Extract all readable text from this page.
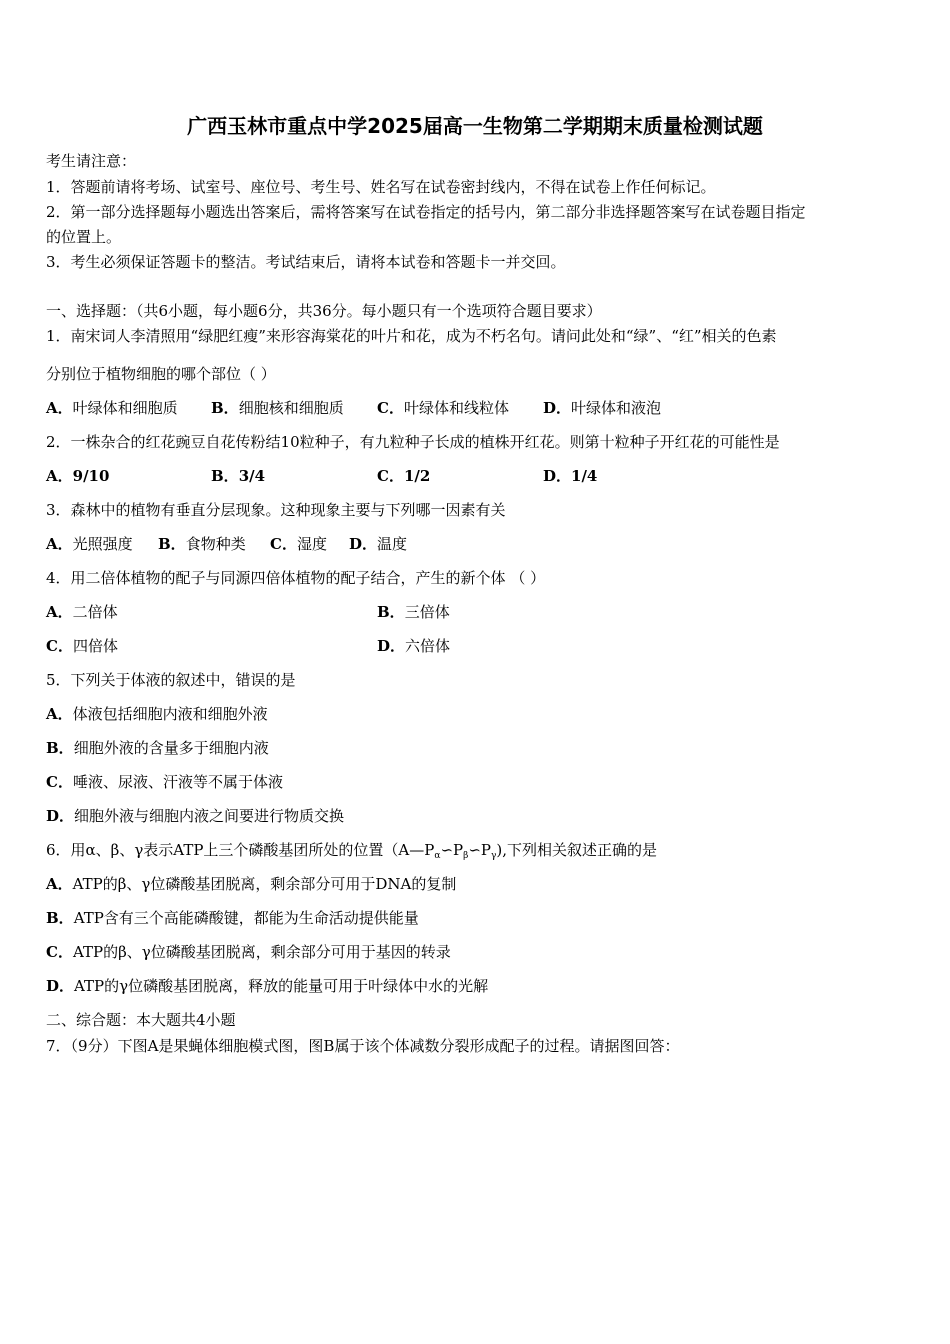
广西玉林市重点中学2025届高一生物第二学期期末质量检测试题
考生请注意：
1．答题前请将考场、试室号、座位号、考生号、姓名写在试卷密封线内，不得在试卷上作任何标记。
2．第一部分选择题每小题选出答案后，需将答案写在试卷指定的括号内，第二部分非选择题答案写在试卷题目指定
的位置上。
3．考生必须保证答题卡的整洁。考试结束后，请将本试卷和答题卡一并交回。
一、选择题：（共6小题，每小题6分，共36分。每小题只有一个选项符合题目要求）
1．南宋词人李清照用“绿肥红瘦”来形容海棠花的叶片和花，成为不朽名句。请问此处和“绿”、“红”相关的色素
分别位于植物细胞的哪个部位（ ）
A．叶绿体和细胞质 B．细胞核和细胞质 C．叶绿体和线粒体 D．叶绿体和液泡
2．一株杂合的红花豌豆自花传粉结10粒种子，有九粒种子长成的植株开红花。则第十粒种子开红花的可能性是
A．9/10	B．3/4	C．1/2	D．1/4
3．森林中的植物有垂直分层现象。这种现象主要与下列哪一因素有关
A．光照强度 B．食物种类 C．湿度 D．温度
4．用二倍体植物的配子与同源四倍体植物的配子结合，产生的新个体 （ ）
A．二倍体	B．三倍体
C．四倍体	D．六倍体
5．下列关于体液的叙述中，错误的是
A．体液包括细胞内液和细胞外液
B．细胞外液的含量多于细胞内液
C．唾液、尿液、汗液等不属于体液
D．细胞外液与细胞内液之间要进行物质交换
6．用α、β、γ表示ATP上三个磷酸基团所处的位置$(A—P_\alpha∽P_\beta∽P_\gamma)$,下列相关叙述正确的是
A．ATP的β、γ位磷酸基团脱离，剩余部分可用于DNA的复制
B．ATP含有三个高能磷酸键，都能为生命活动提供能量
C．ATP的β、γ位磷酸基团脱离，剩余部分可用于基因的转录
D．ATP的γ位磷酸基团脱离，释放的能量可用于叶绿体中水的光解
二、综合题：本大题共4小题
7．（9分）下图A是果蝇体细胞模式图，图B属于该个体减数分裂形成配子的过程。请据图回答：
